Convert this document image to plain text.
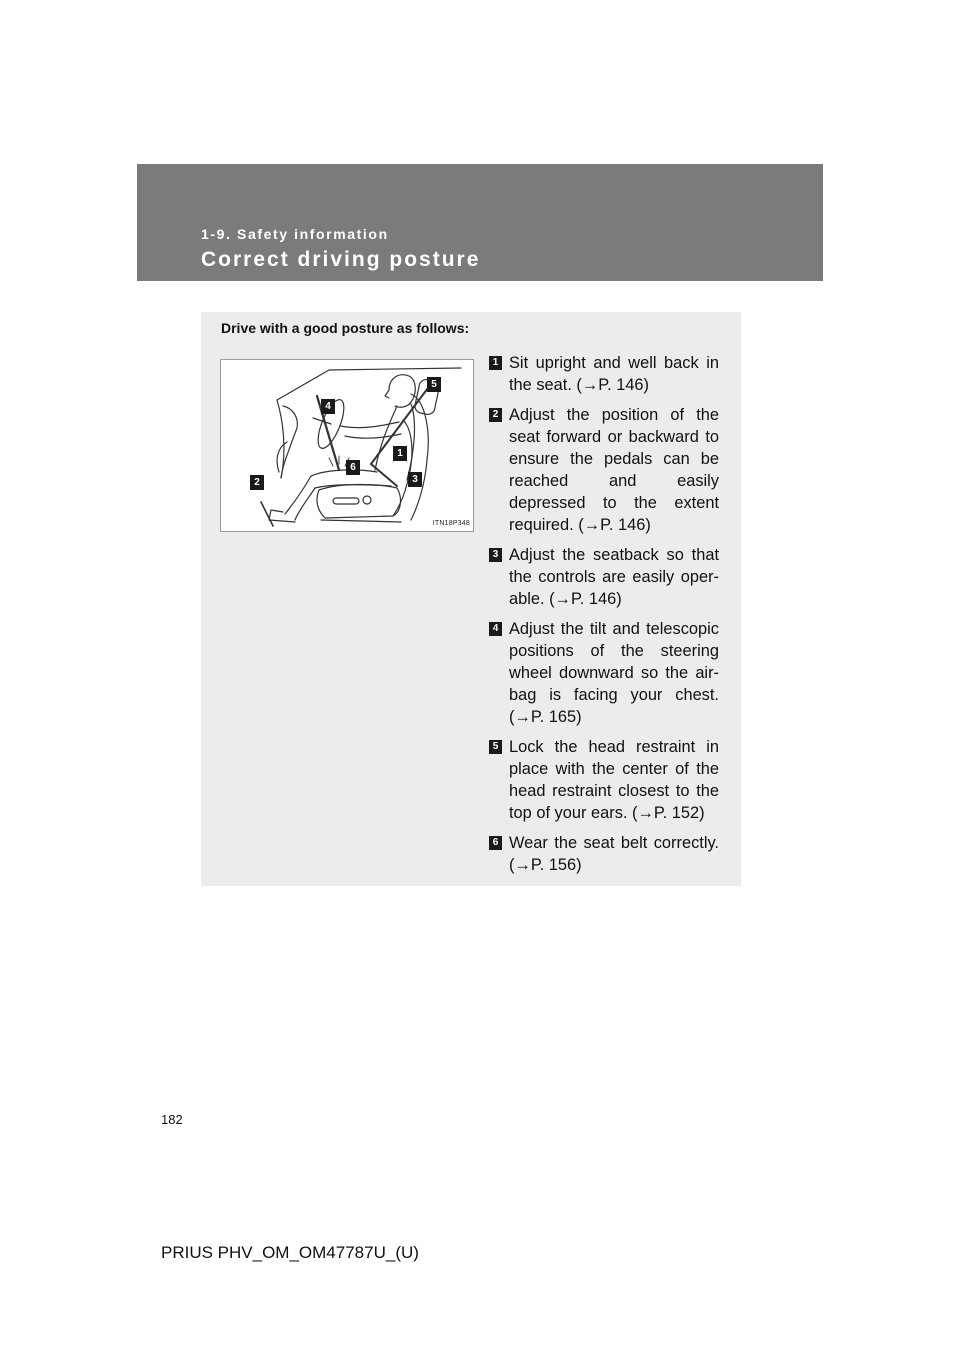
1-9. Safety information
Correct driving posture

Drive with a good posture as follows:

1
2	3
4
5
6
ITN18P348
1 Sit upright and well back in the seat. (→P. 146)
2 Adjust the position of the seat forward or backward to ensure the pedals can be reached and easily depressed to the extent required. (→P. 146)
3 Adjust the seatback so that the controls are easily oper-able. (→P. 146)
4 Adjust the tilt and telescopic positions of the steering wheel downward so the air-bag is facing your chest. (→P. 165)
5 Lock the head restraint in place with the center of the head restraint closest to the top of your ears. (→P. 152)
6 Wear the seat belt correctly. (→P. 156)
182
PRIUS PHV_OM_OM47787U_(U)
